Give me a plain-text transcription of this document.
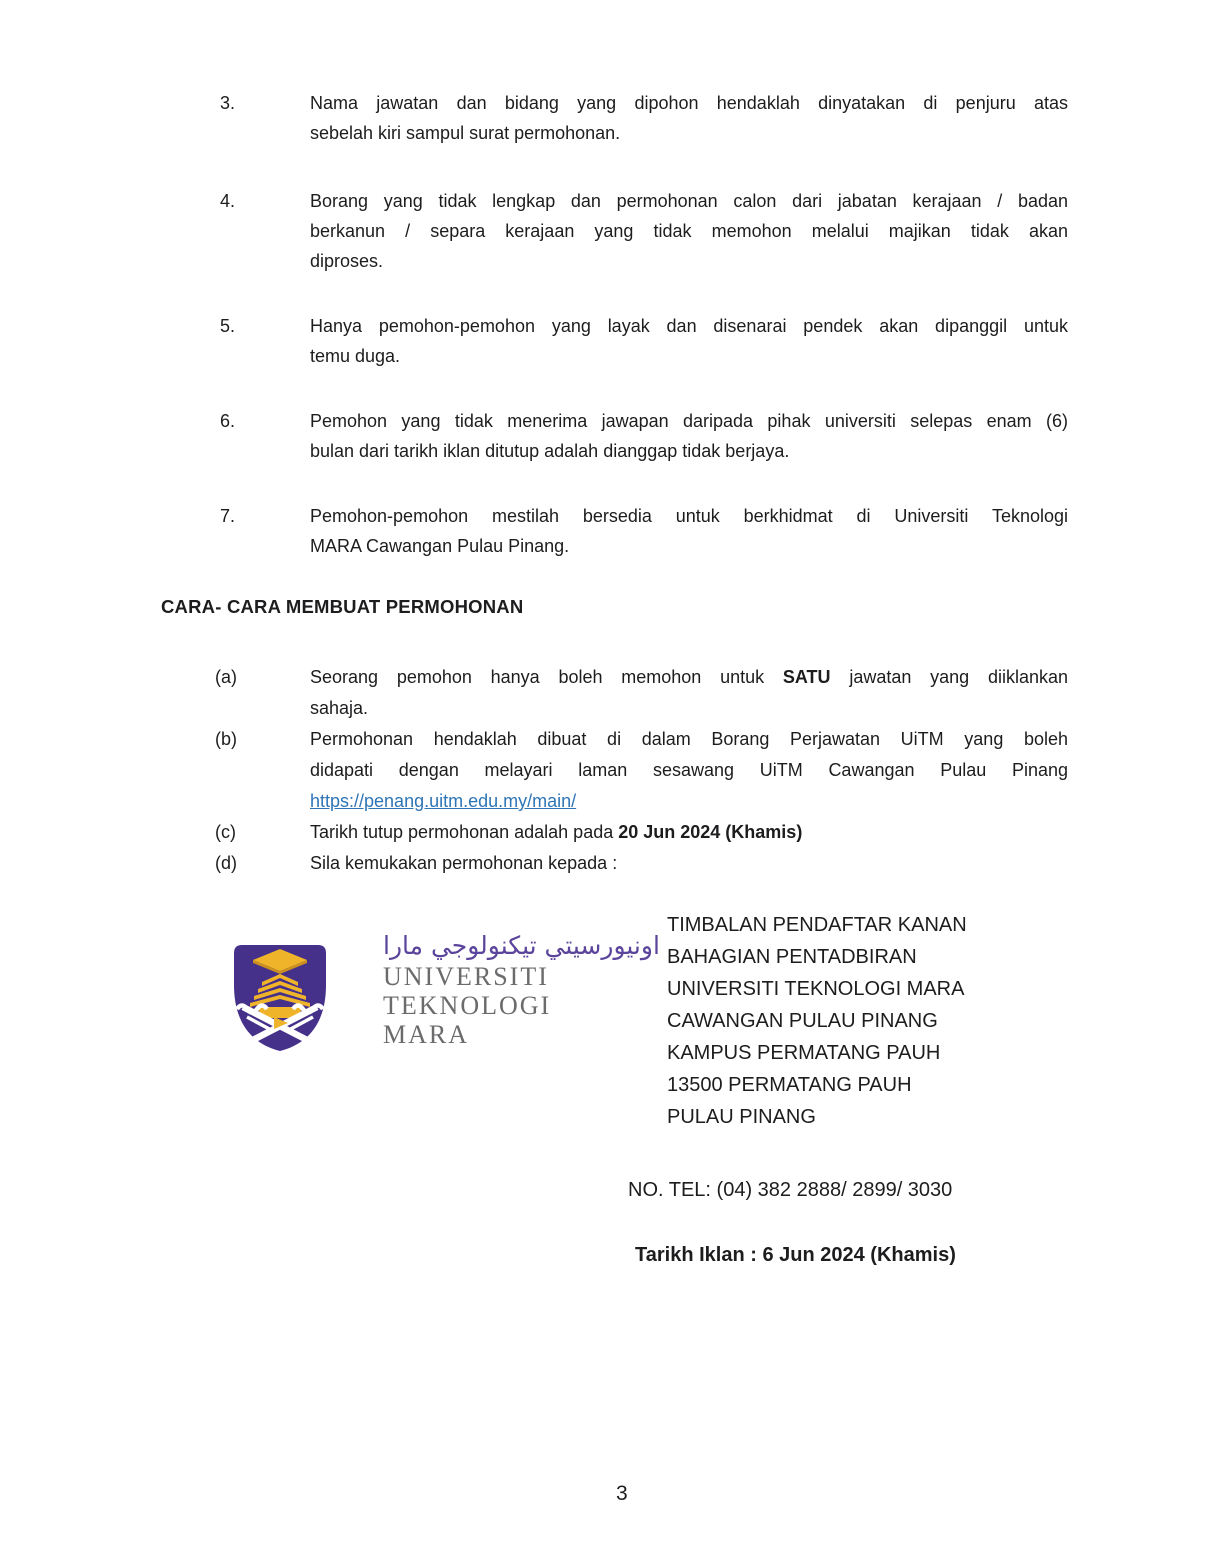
3.	Nama jawatan dan bidang yang dipohon hendaklah dinyatakan di penjuru atas
sebelah kiri sampul surat permohonan.
4.	Borang yang tidak lengkap dan permohonan calon dari jabatan kerajaan / badan
berkanun / separa kerajaan yang tidak memohon melalui majikan tidak akan
diproses.
5.	Hanya pemohon-pemohon yang layak dan disenarai pendek akan dipanggil untuk
temu duga.
6.	Pemohon yang tidak menerima jawapan daripada pihak universiti selepas enam (6)
bulan dari tarikh iklan ditutup adalah dianggap tidak berjaya.
7.	Pemohon-pemohon mestilah bersedia untuk berkhidmat di Universiti Teknologi
MARA Cawangan Pulau Pinang.
CARA- CARA MEMBUAT PERMOHONAN
(a)	Seorang pemohon hanya boleh memohon untuk SATU jawatan yang diiklankan
sahaja.
(b)	Permohonan hendaklah dibuat di dalam Borang Perjawatan UiTM yang boleh
didapati dengan melayari laman sesawang UiTM Cawangan Pulau Pinang
https://penang.uitm.edu.my/main/
(c)	Tarikh tutup permohonan adalah pada 20 Jun 2024 (Khamis)
(d)	Sila kemukakan permohonan kepada :
اونيورسيتي تيكنولوجي مارا
UNIVERSITI
TEKNOLOGI
MARA
TIMBALAN PENDAFTAR KANAN
BAHAGIAN PENTADBIRAN
UNIVERSITI TEKNOLOGI MARA
CAWANGAN PULAU PINANG
KAMPUS PERMATANG PAUH
13500 PERMATANG PAUH
PULAU PINANG
NO. TEL: (04) 382 2888/ 2899/ 3030
Tarikh Iklan : 6 Jun 2024 (Khamis)
3
